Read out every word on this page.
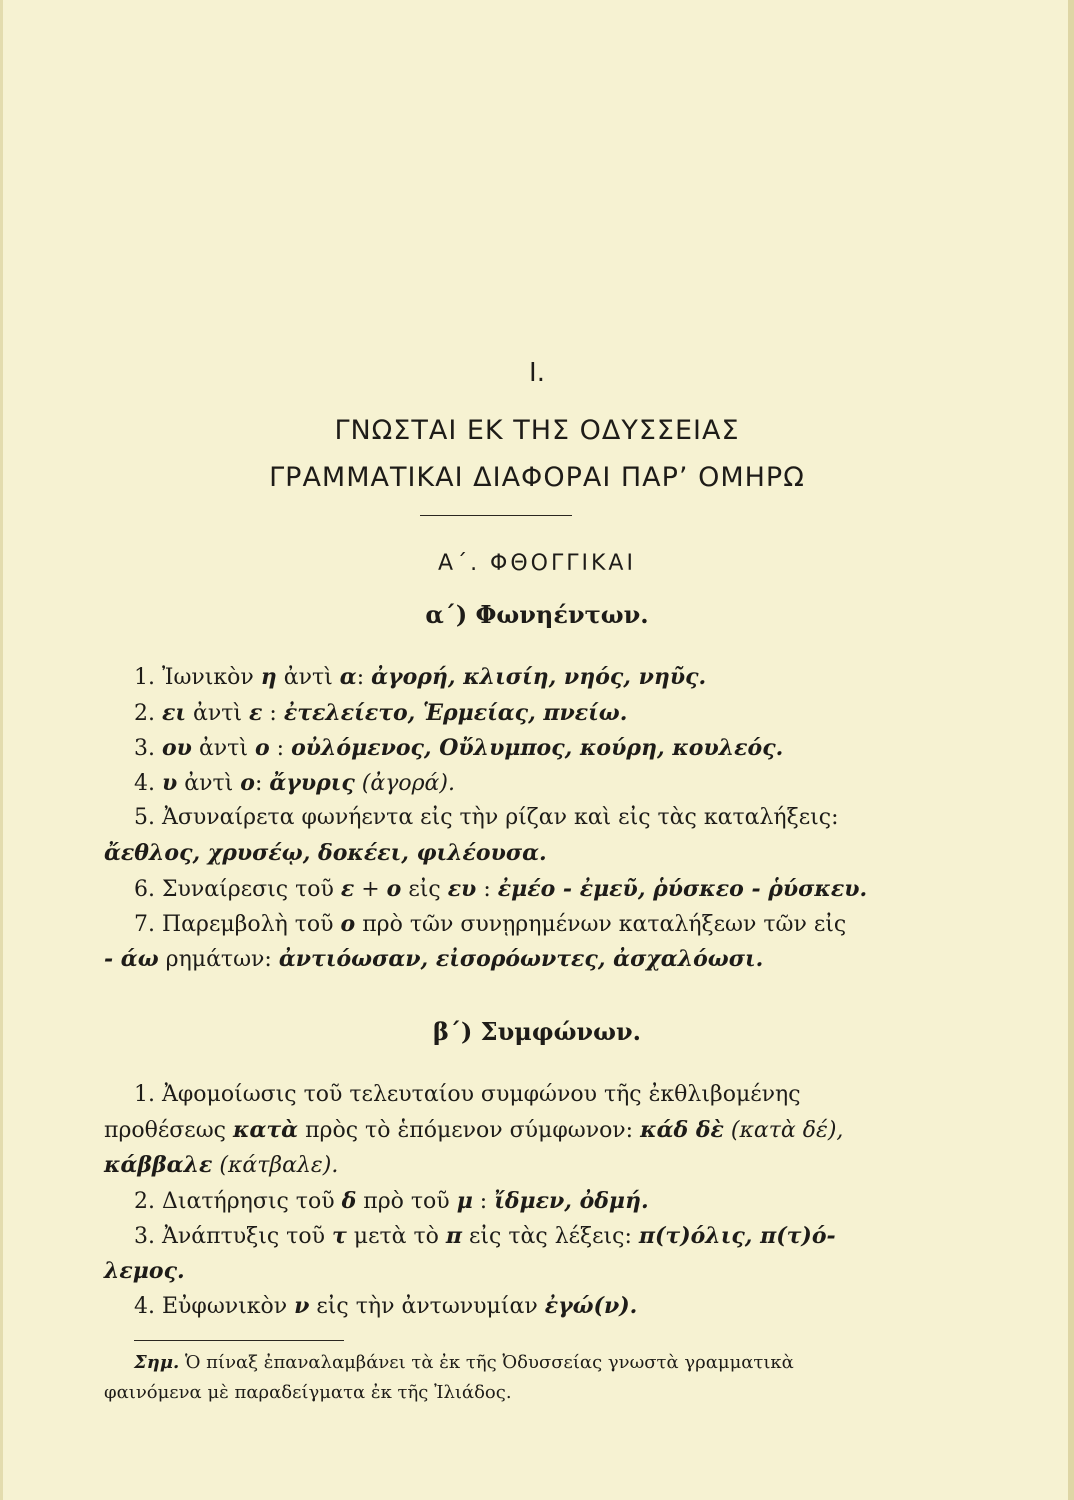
I.
ΓΝΩΣΤΑΙ ΕΚ ΤΗΣ ΟΔΥΣΣΕΙΑΣ
ΓΡΑΜΜΑΤΙΚΑΙ ΔΙΑΦΟΡΑΙ ΠΑΡ’ ΟΜΗΡΩ
Α΄. ΦΘΟΓΓΙΚΑΙ
α΄) Φωνηέντων.
1. Ἰωνικὸν η ἀντὶ α: ἀγορή, κλισίη, νηός, νηῦς.
2. ει ἀντὶ ε : ἐτελείετο, Ἑρμείας, πνείω.
3. ου ἀντὶ ο : οὐλόμενος, Οὔλυμπος, κούρη, κουλεός.
4. υ ἀντὶ ο: ἄγυρις (ἀγορά).
5. Ἀσυναίρετα φωνήεντα εἰς τὴν ρίζαν καὶ εἰς τὰς καταλήξεις:
ἄεθλος, χρυσέῳ, δοκέει, φιλέουσα.
6. Συναίρεσις τοῦ ε + ο εἰς ευ : ἐμέο - ἐμεῦ, ῥύσκεο - ῥύσκευ.
7. Παρεμβολὴ τοῦ ο πρὸ τῶν συνῃρημένων καταλήξεων τῶν εἰς
- άω ρημάτων: ἀντιόωσαν, εἰσορόωντες, ἀσχαλόωσι.
β΄) Συμφώνων.
1. Ἀφομοίωσις τοῦ τελευταίου συμφώνου τῆς ἐκθλιβομένης
προθέσεως κατὰ πρὸς τὸ ἑπόμενον σύμφωνον: κάδ δὲ (κατὰ δέ),
κάββαλε (κάτβαλε).
2. Διατήρησις τοῦ δ πρὸ τοῦ μ : ἴδμεν, ὀδμή.
3. Ἀνάπτυξις τοῦ τ μετὰ τὸ π εἰς τὰς λέξεις: π(τ)όλις, π(τ)ό-
λεμος.
4. Εὐφωνικὸν ν εἰς τὴν ἀντωνυμίαν ἐγώ(ν).
Σημ. Ὁ πίναξ ἐπαναλαμβάνει τὰ ἐκ τῆς Ὀδυσσείας γνωστὰ γραμματικὰ
φαινόμενα μὲ παραδείγματα ἐκ τῆς Ἰλιάδος.
